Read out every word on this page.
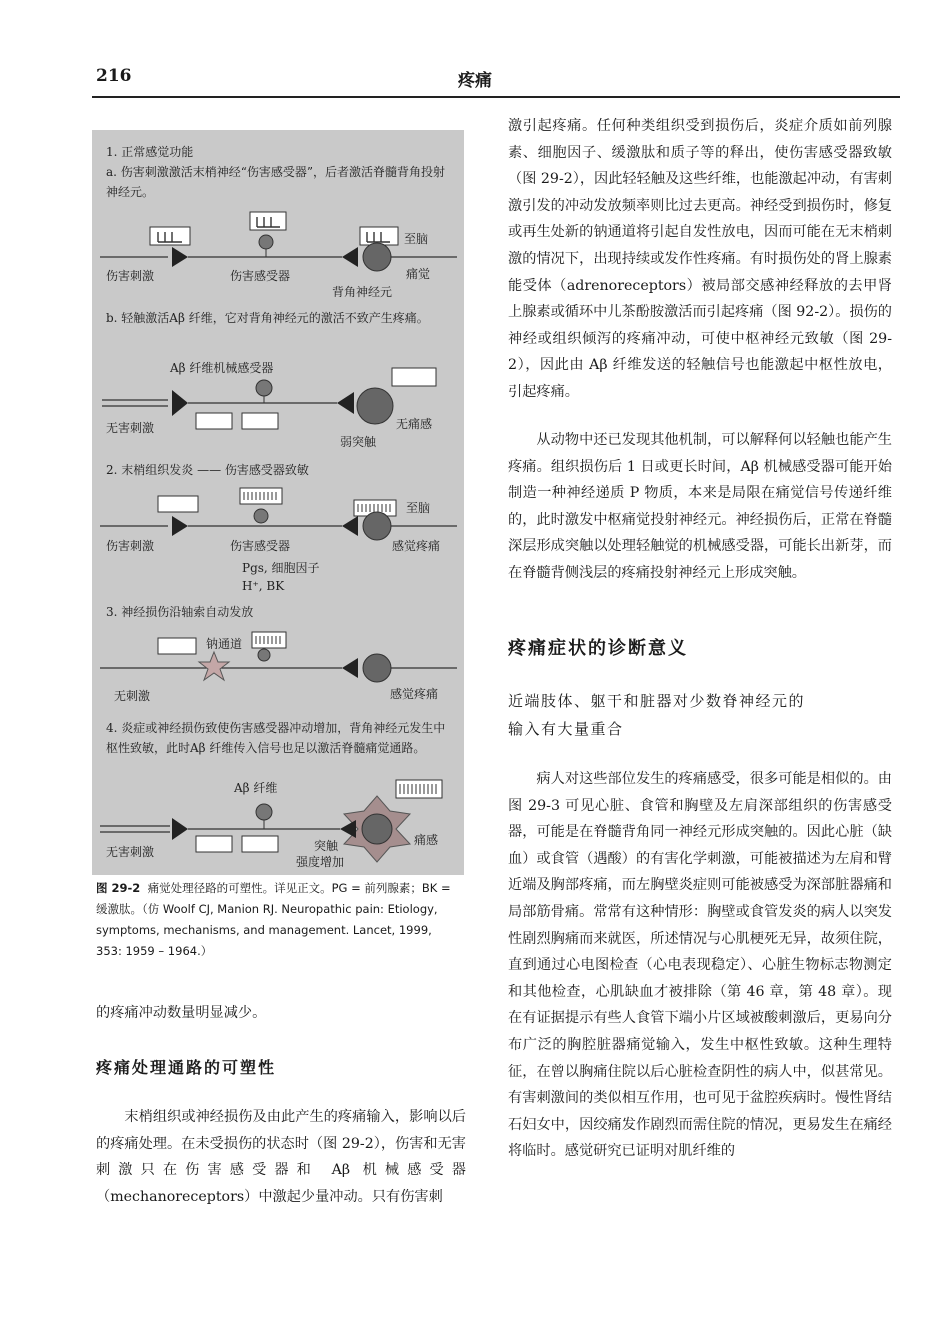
216	疼痛
1. 正常感觉功能
a. 伤害刺激激活末梢神经“伤害感受器”，后者激活脊髓背角投射神经元。
至脑
伤害刺激	伤害感受器	痛觉
背角神经元
b. 轻触激活Aβ 纤维，它对背角神经元的激活不致产生疼痛。
Aβ 纤维机械感受器
无害刺激	无痛感
弱突触
2. 末梢组织发炎 —— 伤害感受器致敏
至脑
伤害刺激	伤害感受器	感觉疼痛
Pgs, 细胞因子
H⁺, BK
3. 神经损伤沿轴索自动发放
钠通道
无刺激	感觉疼痛
4. 炎症或神经损伤致使伤害感受器冲动增加，背角神经元发生中枢性致敏，此时Aβ 纤维传入信号也足以激活脊髓痛觉通路。
Aβ 纤维
无害刺激	突触
强度增加
痛感
图 29-2 痛觉处理径路的可塑性。详见正文。PG = 前列腺素；BK = 缓激肽。（仿 Woolf CJ, Manion RJ. Neuropathic pain: Etiology, symptoms, mechanisms, and management. Lancet, 1999, 353: 1959 – 1964.）
的疼痛冲动数量明显减少。
疼痛处理通路的可塑性
末梢组织或神经损伤及由此产生的疼痛输入，影响以后的疼痛处理。在未受损伤的状态时（图 29-2），伤害和无害刺激只在伤害感受器和 Aβ 机械感受器（mechanoreceptors）中激起少量冲动。只有伤害刺
激引起疼痛。任何种类组织受到损伤后，炎症介质如前列腺素、细胞因子、缓激肽和质子等的释出，使伤害感受器致敏（图 29-2），因此轻轻触及这些纤维，也能激起冲动，有害刺激引发的冲动发放频率则比过去更高。神经受到损伤时，修复或再生处新的钠通道将引起自发性放电，因而可能在无末梢刺激的情况下，出现持续或发作性疼痛。有时损伤处的肾上腺素能受体（adrenoreceptors）被局部交感神经释放的去甲肾上腺素或循环中儿茶酚胺激活而引起疼痛（图 92-2）。损伤的神经或组织倾泻的疼痛冲动，可使中枢神经元致敏（图 29-2），因此由 Aβ 纤维发送的轻触信号也能激起中枢性放电，引起疼痛。
从动物中还已发现其他机制，可以解释何以轻触也能产生疼痛。组织损伤后 1 日或更长时间，Aβ 机械感受器可能开始制造一种神经递质 P 物质，本来是局限在痛觉信号传递纤维的，此时激发中枢痛觉投射神经元。神经损伤后，正常在脊髓深层形成突触以处理轻触觉的机械感受器，可能长出新芽，而在脊髓背侧浅层的疼痛投射神经元上形成突触。
疼痛症状的诊断意义
近端肢体、躯干和脏器对少数脊神经元的
输入有大量重合
病人对这些部位发生的疼痛感受，很多可能是相似的。由图 29-3 可见心脏、食管和胸壁及左肩深部组织的伤害感受器，可能是在脊髓背角同一神经元形成突触的。因此心脏（缺血）或食管（遇酸）的有害化学刺激，可能被描述为左肩和臂近端及胸部疼痛，而左胸壁炎症则可能被感受为深部脏器痛和局部筋骨痛。常常有这种情形：胸壁或食管发炎的病人以突发性剧烈胸痛而来就医，所述情况与心肌梗死无异，故须住院，直到通过心电图检查（心电表现稳定）、心脏生物标志物测定和其他检查，心肌缺血才被排除（第 46 章，第 48 章）。现在有证据提示有些人食管下端小片区域被酸刺激后，更易向分布广泛的胸腔脏器痛觉输入，发生中枢性致敏。这种生理特征，在曾以胸痛住院以后心脏检查阴性的病人中，似甚常见。有害刺激间的类似相互作用，也可见于盆腔疾病时。慢性肾结石妇女中，因绞痛发作剧烈而需住院的情况，更易发生在痛经将临时。感觉研究已证明对肌纤维的
